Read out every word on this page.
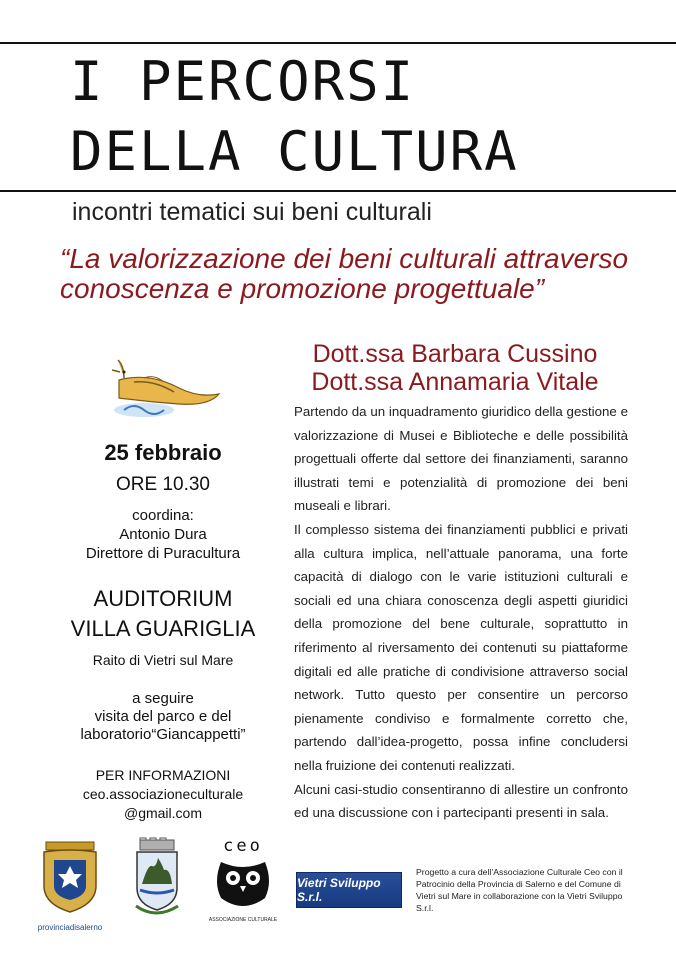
I PERCORSI
DELLA CULTURA
incontri tematici sui beni culturali
“La valorizzazione dei beni culturali attraverso conoscenza e promozione progettuale”
25 febbraio
ORE 10.30
coordina:
Antonio Dura
Direttore di Puracultura
AUDITORIUM
VILLA GUARIGLIA
Raito di Vietri sul Mare
a seguire
visita del parco e del
laboratorio“Giancappetti”
PER INFORMAZIONI
ceo.associazioneculturale
@gmail.com
Dott.ssa Barbara Cussino
Dott.ssa Annamaria Vitale

Partendo da un inquadramento giuridico della gestione e valorizzazione di Musei e Biblioteche e delle possibilità progettuali offerte dal settore dei finanziamenti, saranno illustrati temi e potenzialità di promozione dei beni museali e librari.

Il complesso sistema dei finanziamenti pubblici e privati alla cultura implica, nell’attuale panorama, una forte capacità di dialogo con le varie istituzioni culturali e sociali ed una chiara conoscenza degli aspetti giuridici della promozione del bene culturale, soprattutto in riferimento al riversamento dei contenuti su piattaforme digitali ed alle pratiche di condivisione attraverso social network. Tutto questo per consentire un percorso pienamente condiviso e formalmente corretto che, partendo dall’idea-progetto, possa infine concludersi nella fruizione dei contenuti realizzati.

Alcuni casi-studio consentiranno di allestire un confronto ed una discussione con i partecipanti presenti in sala.

provinciadisalerno
ceo
ASSOCIAZIONE CULTURALE
Vietri Sviluppo S.r.l.
Progetto a cura dell’Associazione Culturale Ceo con il Patrocinio della Provincia di Salerno e del Comune di Vietri sul Mare in collaborazione con la Vietri Sviluppo S.r.l.
